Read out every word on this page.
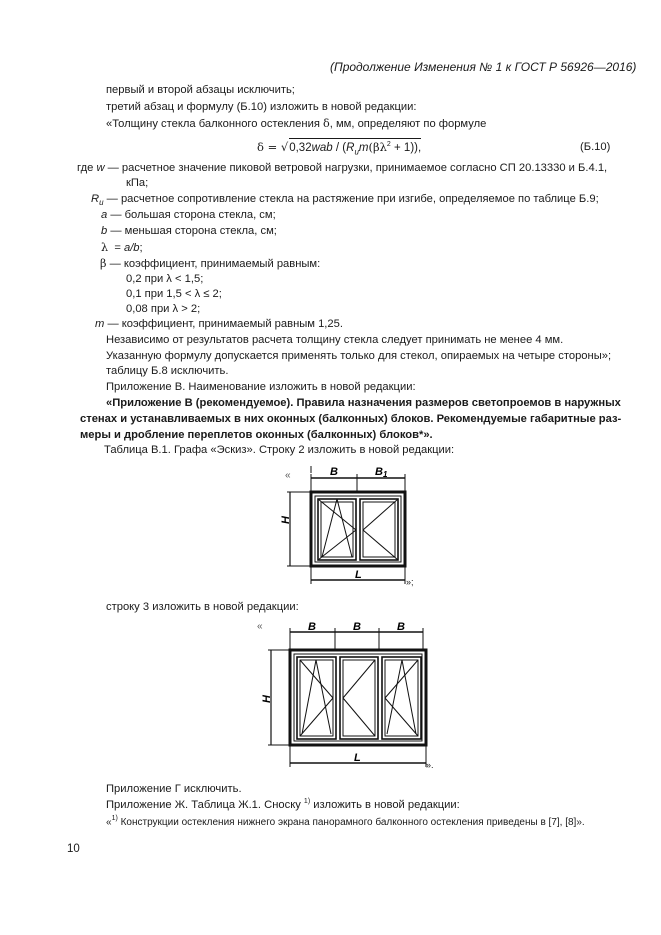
(Продолжение Изменения № 1 к ГОСТ Р 56926—2016)
первый и второй абзацы исключить;
третий абзац и формулу (Б.10) изложить в новой редакции:
«Толщину стекла балконного остекления δ, мм, определяют по формуле
$\delta = √0,32wab / (R_иm(\beta\lambda^2 + 1))$,	(Б.10)
где w — расчетное значение пиковой ветровой нагрузки, принимаемое согласно СП 20.13330 и Б.4.1,
кПа;
$R_и$ — расчетное сопротивление стекла на растяжение при изгибе, определяемое по таблице Б.9;
a — большая сторона стекла, см;
b — меньшая сторона стекла, см;
λ = a/b;
β — коэффициент, принимаемый равным:
0,2 при λ < 1,5;
0,1 при 1,5 < λ ≤ 2;
0,08 при λ > 2;
m — коэффициент, принимаемый равным 1,25.
Независимо от результатов расчета толщину стекла следует принимать не менее 4 мм.
Указанную формулу допускается применять только для стекол, опираемых на четыре стороны»;
таблицу Б.8 исключить.
Приложение В. Наименование изложить в новой редакции:
«Приложение В (рекомендуемое). Правила назначения размеров светопроемов в наружных
стенах и устанавливаемых в них оконных (балконных) блоков. Рекомендуемые габаритные раз-
меры и дробление переплетов оконных (балконных) блоков*».
Таблица В.1. Графа «Эскиз». Строку 2 изложить в новой редакции:
«	B	B1
H
L
B	B	B
H
L
»;
строку 3 изложить в новой редакции:
«
».
Приложение Г исключить.
Приложение Ж. Таблица Ж.1. Сноску $^{1)}$ изложить в новой редакции:
«$^{1)}$ Конструкции остекления нижнего экрана панорамного балконного остекления приведены в [7], [8]».
10
